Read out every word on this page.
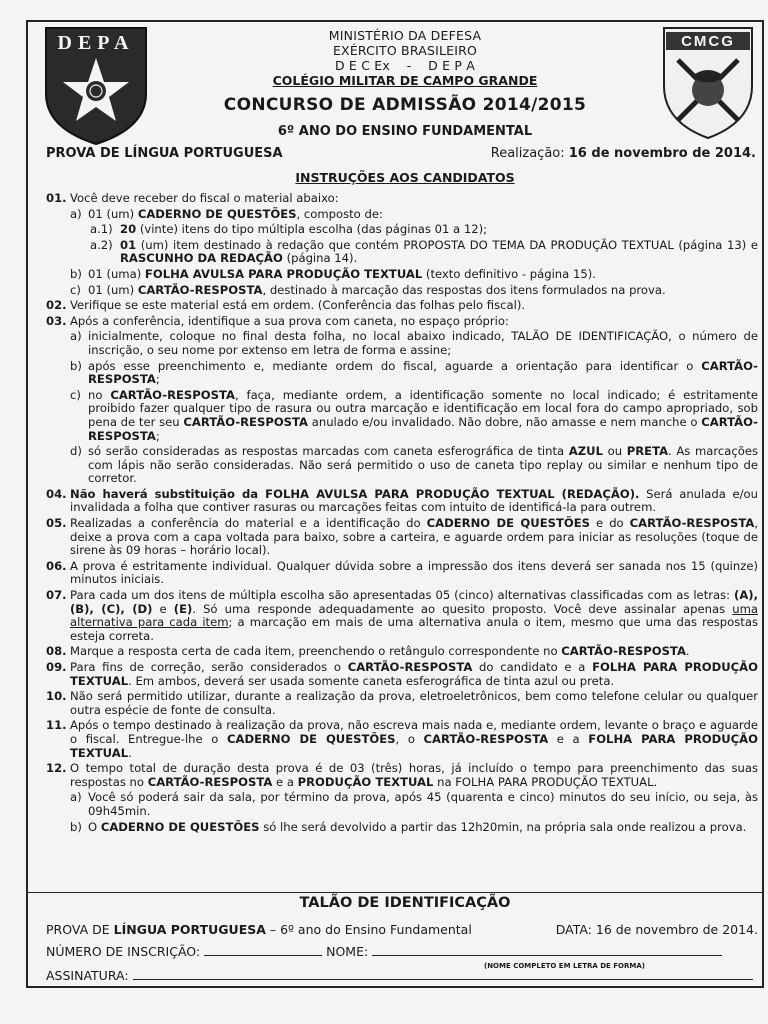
DEPA	CMCG
MINISTÉRIO DA DEFESA
EXÉRCITO BRASILEIRO
D E C Ex    -    D E P A
COLÉGIO MILITAR DE CAMPO GRANDE
CONCURSO DE ADMISSÃO 2014/2015
6º ANO DO ENSINO FUNDAMENTAL
PROVA DE LÍNGUA PORTUGUESA	Realização: 16 de novembro de 2014.
INSTRUÇÕES AOS CANDIDATOS

01. Você deve receber do fiscal o material abaixo:

a) 01 (um) CADERNO DE QUESTÕES, composto de:

a.1) 20 (vinte) itens do tipo múltipla escolha (das páginas 01 a 12);

a.2) 01 (um) item destinado à redação que contém PROPOSTA DO TEMA DA PRODUÇÃO TEXTUAL (página 13) e RASCUNHO DA REDAÇÃO (página 14).

b) 01 (uma) FOLHA AVULSA PARA PRODUÇÃO TEXTUAL (texto definitivo - página 15).

c) 01 (um) CARTÃO-RESPOSTA, destinado à marcação das respostas dos itens formulados na prova.

02. Verifique se este material está em ordem. (Conferência das folhas pelo fiscal).

03. Após a conferência, identifique a sua prova com caneta, no espaço próprio:

a) inicialmente, coloque no final desta folha, no local abaixo indicado, TALÃO DE IDENTIFICAÇÃO, o número de inscrição, o seu nome por extenso em letra de forma e assine;

b) após esse preenchimento e, mediante ordem do fiscal, aguarde a orientação para identificar o CARTÃO-RESPOSTA;

c) no CARTÃO-RESPOSTA, faça, mediante ordem, a identificação somente no local indicado; é estritamente proibido fazer qualquer tipo de rasura ou outra marcação e identificação em local fora do campo apropriado, sob pena de ter seu CARTÃO-RESPOSTA anulado e/ou invalidado. Não dobre, não amasse e nem manche o CARTÃO-RESPOSTA;

d) só serão consideradas as respostas marcadas com caneta esferográfica de tinta AZUL ou PRETA. As marcações com lápis não serão consideradas. Não será permitido o uso de caneta tipo replay ou similar e nenhum tipo de corretor.

04. Não haverá substituição da FOLHA AVULSA PARA PRODUÇÃO TEXTUAL (REDAÇÃO). Será anulada e/ou invalidada a folha que contiver rasuras ou marcações feitas com intuito de identificá-la para outrem.

05. Realizadas a conferência do material e a identificação do CADERNO DE QUESTÕES e do CARTÃO-RESPOSTA, deixe a prova com a capa voltada para baixo, sobre a carteira, e aguarde ordem para iniciar as resoluções (toque de sirene às 09 horas – horário local).

06. A prova é estritamente individual. Qualquer dúvida sobre a impressão dos itens deverá ser sanada nos 15 (quinze) minutos iniciais.

07. Para cada um dos itens de múltipla escolha são apresentadas 05 (cinco) alternativas classificadas com as letras: (A), (B), (C), (D) e (E). Só uma responde adequadamente ao quesito proposto. Você deve assinalar apenas uma alternativa para cada item; a marcação em mais de uma alternativa anula o item, mesmo que uma das respostas esteja correta.

08. Marque a resposta certa de cada item, preenchendo o retângulo correspondente no CARTÃO-RESPOSTA.

09. Para fins de correção, serão considerados o CARTÃO-RESPOSTA do candidato e a FOLHA PARA PRODUÇÃO TEXTUAL. Em ambos, deverá ser usada somente caneta esferográfica de tinta azul ou preta.

10. Não será permitido utilizar, durante a realização da prova, eletroeletrônicos, bem como telefone celular ou qualquer outra espécie de fonte de consulta.

11. Após o tempo destinado à realização da prova, não escreva mais nada e, mediante ordem, levante o braço e aguarde o fiscal. Entregue-lhe o CADERNO DE QUESTÕES, o CARTÃO-RESPOSTA e a FOLHA PARA PRODUÇÃO TEXTUAL.

12. O tempo total de duração desta prova é de 03 (três) horas, já incluído o tempo para preenchimento das suas respostas no CARTÃO-RESPOSTA e a PRODUÇÃO TEXTUAL na FOLHA PARA PRODUÇÃO TEXTUAL.

a) Você só poderá sair da sala, por término da prova, após 45 (quarenta e cinco) minutos do seu início, ou seja, às 09h45min.

b) O CADERNO DE QUESTÕES só lhe será devolvido a partir das 12h20min, na própria sala onde realizou a prova.

TALÃO DE IDENTIFICAÇÃO
PROVA DE LÍNGUA PORTUGUESA – 6º ano do Ensino Fundamental	DATA: 16 de novembro de 2014.
NÚMERO DE INSCRIÇÃO:	NOME:
(NOME COMPLETO EM LETRA DE FORMA)
ASSINATURA:
